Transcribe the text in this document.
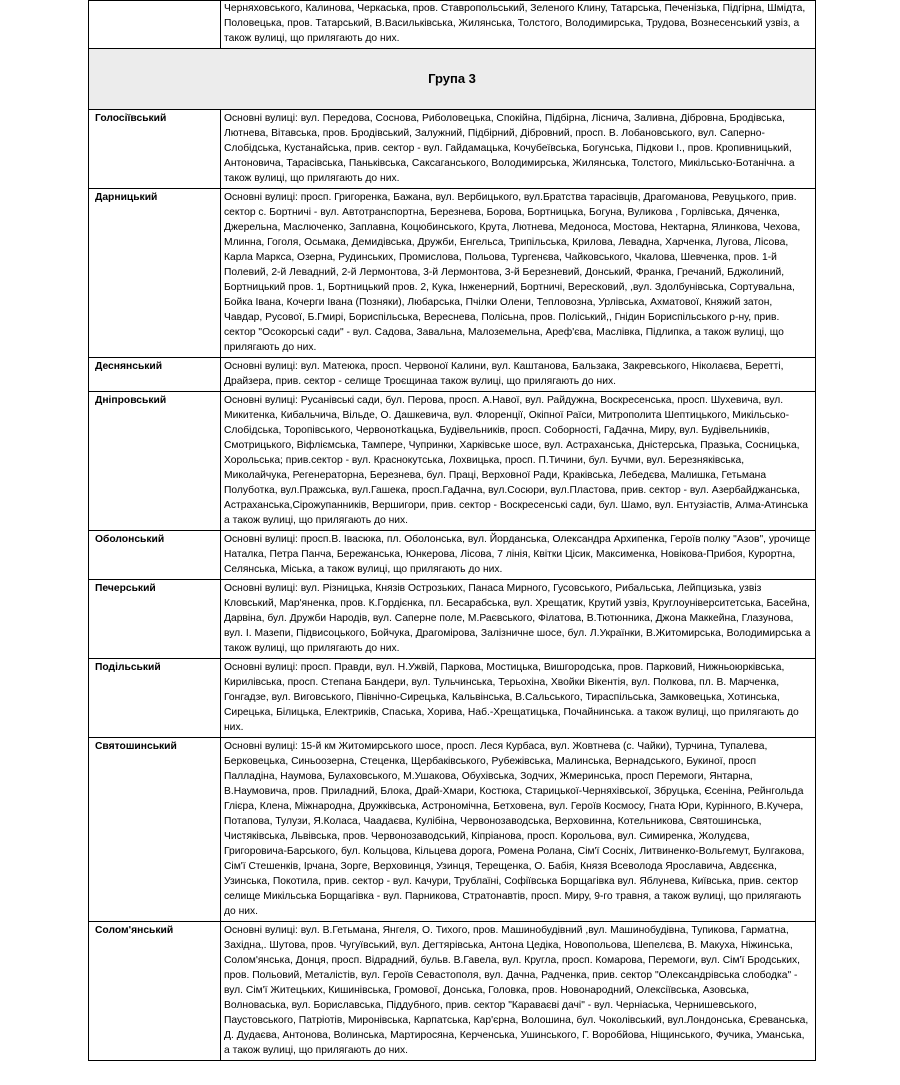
	Черняховського, Калинова, Черкаська, пров. Ставропольський, Зеленого Клину, Татарська, Печенізька, Підгірна, Шмідта, Половецька, пров. Татарський, В.Васильківська, Жилянська, Толстого, Володимирська, Трудова, Вознесенський узвіз, а також вулиці, що прилягають до них.
Група 3	
Голосіївський	Основні вулиці: вул. Передова, Соснова, Риболовецька, Спокійна, Підбірна, Лісничa, Заливна, Дібровна, Бродівська, Лютнева, Вітавська, пров. Бродівський, Залужний, Підбірний, Дібровний, просп. В. Лобановського, вул. Саперно-Слобідська, Кустанайська, прив. сектор - вул. Гайдамацька, Кочубеївська, Богунська, Підкови І., пров. Кропивницький, Антоновича, Тарасівська, Паньківська, Саксаганського, Володимирська, Жилянська, Толстого, Микільсько-Ботанічна. а також вулиці, що прилягають до них.
Дарницький	Основні вулиці: просп. Григоренка, Бажана, вул. Вербицького, вул.Братства тарасівців, Драгоманова, Ревуцького, прив. сектор с. Бортничі - вул. Автотранспортна, Березнева, Борова, Бортницька, Богуна, Вуликова , Горлівська, Дяченка, Джерельна, Маслюченко, Заплавна, Коцюбинського, Крута, Лютнева, Медоноса, Мостова, Нектарна, Ялинкова, Чехова, Млинна, Гоголя, Осьмака, Демидівська, Дружби, Енгельса, Трипільська, Крилова, Левадна, Харченка, Лугова, Лісова, Карла Маркса, Озерна, Рудинських, Промислова, Польова, Тургенєва, Чайковського, Чкалова, Шевченка, пров. 1-й Полевий, 2-й Левадний, 2-й Лермонтова, 3-й Лермонтова, 3-й Березневий, Донський, Франка, Гречаний, Бджолиний, Бортницький пров. 1, Бортницький пров. 2, Кука, Інженерний, Бортничі, Вересковий, ,вул. Здолбунівська, Сортувальна, Бойка Івана, Кочерги Івана (Позняки), Любарська, Пчілки Олени, Тепловозна, Урлівська, Ахматової, Княжий затон, Чавдар, Русової, Б.Гмирі, Бориспільська, Вереснева, Полісьна, пров. Поліський,, Гнідин Бориспільського р-ну, прив. сектор "Осокорські сади" - вул. Садова, Завальна, Малоземельна, Ареф'єва, Маслівка, Підлипка, а також вулиці, що прилягають до них.
Деснянський	Основні вулиці: вул. Матеюка, просп. Червоної Калини, вул. Каштанова, Бальзака, Закревського, Ніколаєва, Беретті, Драйзера, прив. сектор - селище Троєщинаа також вулиці, що прилягають до них.
Дніпровський	Основні вулиці: Русанівські сади, бул. Перова, просп. А.Навої, вул. Райдужна, Воскресенська, просп. Шухевича, вул. Микитенка, Кибальчича, Вільде, О. Дашкевича, вул. Флоренції, Окіпної Раїси, Митрополита Шептицького, Микільсько-Слобідська, Торопівського, Червонотkацька, Будівельників, просп. Соборності, ГаДачна, Миру, вул. Будівельників, Смотрицького, Віфліємська, Тампере, Чупринки, Харківське шосе, вул. Астраханська, Дністерська, Празька, Сосницька, Хорольська; прив.сектор - вул. Краснокутська, Лохвицька, просп. П.Тичини, бул. Бучми, вул. Березняківська, Миколайчука, Регенераторна, Березнева, бул. Праці, Верховної Ради, Краківська, Лебедєва, Малишка, Гетьмана Полуботка, вул.Пражська, вул.Гашека, просп.ГаДачна, вул.Сосюри, вул.Пластова, прив. сектор - вул. Азербайджанська, Астраханська,Сірожупанників, Вершигори, прив. сектор - Воскресенські сади, бул. Шамо, вул. Ентузіастів, Алма-Атинська а також вулиці, що прилягають до них.
Оболонський	Основні вулиці: просп.В. Івасюка, пл. Оболонська, вул. Йорданська, Олександра Архипенка, Героїв полку "Азов", урочище Наталка, Петра Панча, Бережанська, Юнкерова, Лісова, 7 лінія, Квітки Цісик, Максименка, Новікова-Прибоя, Курортна, Селянська, Міська, а також вулиці, що прилягають до них.
Печерський	Основні вулиці: вул. Різницька, Князів Острозьких, Панаса Мирного, Гусовського, Рибальська, Лейпцизька, узвіз Кловський, Мар'яненка, пров. К.Гордієнка, пл. Бесарабська, вул. Хрещатик, Крутий узвіз, Круглоуніверситетська, Басейна, Дарвіна, бул. Дружби Народів, вул. Саперне поле, М.Раєвського, Філатова, В.Тютюнника, Джона Маккейна, Глазунова, вул. І. Мазепи, Підвисоцького, Бойчука, Драгомірова, Залізничне шосе, бул. Л.Українки, В.Житомирська, Володимирська а також вулиці, що прилягають до них.
Подільський	Основні вулиці: просп. Правди, вул. Н.Ужвій, Паркова, Мостицька, Вишгородська, пров. Парковий, Нижньоюрківська, Кирилівська, просп. Степана Бандери, вул. Тульчинська, Терьохіна, Хвойки Вікентія, вул. Полкова, пл. В. Марченка, Гонгадзе, вул. Виговського, Північно-Сирецька, Кальвінська, В.Сальського, Тираспільська, Замковецька, Хотинська, Сирецька, Білицька, Електриків, Спаська, Хорива, Наб.-Хрещатицька, Почайнинська. а також вулиці, що прилягають до них.
Святошинський	Основні вулиці: 15-й км Житомирського шосе, просп. Леся Курбаса, вул. Жовтнева (с. Чайки), Турчина, Тупалева, Берковецька, Синьоозерна, Стеценка, Щербаківського, Рубежівська, Малинська, Вернадського, Букиної, просп Палладіна, Наумова, Булаховського, М.Ушакова, Обухівська, Зодчих, Жмеринська, просп Перемоги, Янтарна, В.Наумовича, пров. Приладний, Блока, Драй-Хмари, Костюка, Старицької-Черняхівської, Збруцька, Єсеніна, Рейнгольда Глієра, Клена, Міжнародна, Дружківська, Астрономічна, Бетховена, вул. Героїв Космосу, Гната Юри, Курінного, В.Кучера, Потапова, Тулузи, Я.Коласа, Чаадаєва, Кулібіна, Червонозаводська, Верховинна, Котельникова, Святошинська, Чистяківська, Львівська, пров. Червонозаводський, Кіпріанова, просп. Корольова, вул. Симиренка, Жолудєва, Григоровича-Барського, бул. Кольцова, Кільцева дорога, Ромена Ролана, Сім'ї Сосніх, Литвиненко-Вольгемут, Булгакова, Сім'ї Стешенків, Ірчана, Зорге, Верховинця, Узинця, Терещенка, О. Бабія, Князя Всеволода Ярославича, Авдєєнка, Узинська, Покотила, прив. сектор - вул. Качури, Трублаїні, Софіївська Борщагівка вул. Яблунева, Київська, прив. сектор селище Микільська Борщагівка - вул. Парникова, Стратонавтів, просп. Миру, 9-го травня, а також вулиці, що прилягають до них.
Солом'янський	Основні вулиці: вул. В.Гетьмана, Янгеля, О. Тихого, пров. Машинобудівний ,вул. Машинобудівна, Тупикова, Гарматна, Західна,. Шутова, пров. Чугуївський, вул. Дегтярівська, Антона Цедіка, Новопольова, Шепелєва, В. Макуха, Ніжинська, Солом'янська, Донця, просп. Відрадний, бульв. В.Гавела, вул. Кругла, просп. Комарова, Перемоги, вул. Сім'ї Бродських, пров. Польовий, Металістів, вул. Героїв Севастополя, вул. Дачна, Радченка, прив. сектор "Олександрівська слободка" - вул. Сім'ї Житецьких, Кишинівська, Громової, Донська, Головка, пров. Новонародний, Олексіївська, Азовська, Волноваська, вул. Бориславська, Піддубного, прив. сектор "Караваєві дачі" - вул. Черніаська, Чернишевського, Паустовського, Патріотів, Миронівська, Карпатська, Кар'єрна, Волошина, бул. Чоколівський, вул.Лондонська, Єреванська, Д. Дудаєва, Антонова, Волинська, Мартиросяна, Керченська, Ушинського, Г. Воробйова, Ніщинського, Фучика, Уманська, а також вулиці, що прилягають до них.
